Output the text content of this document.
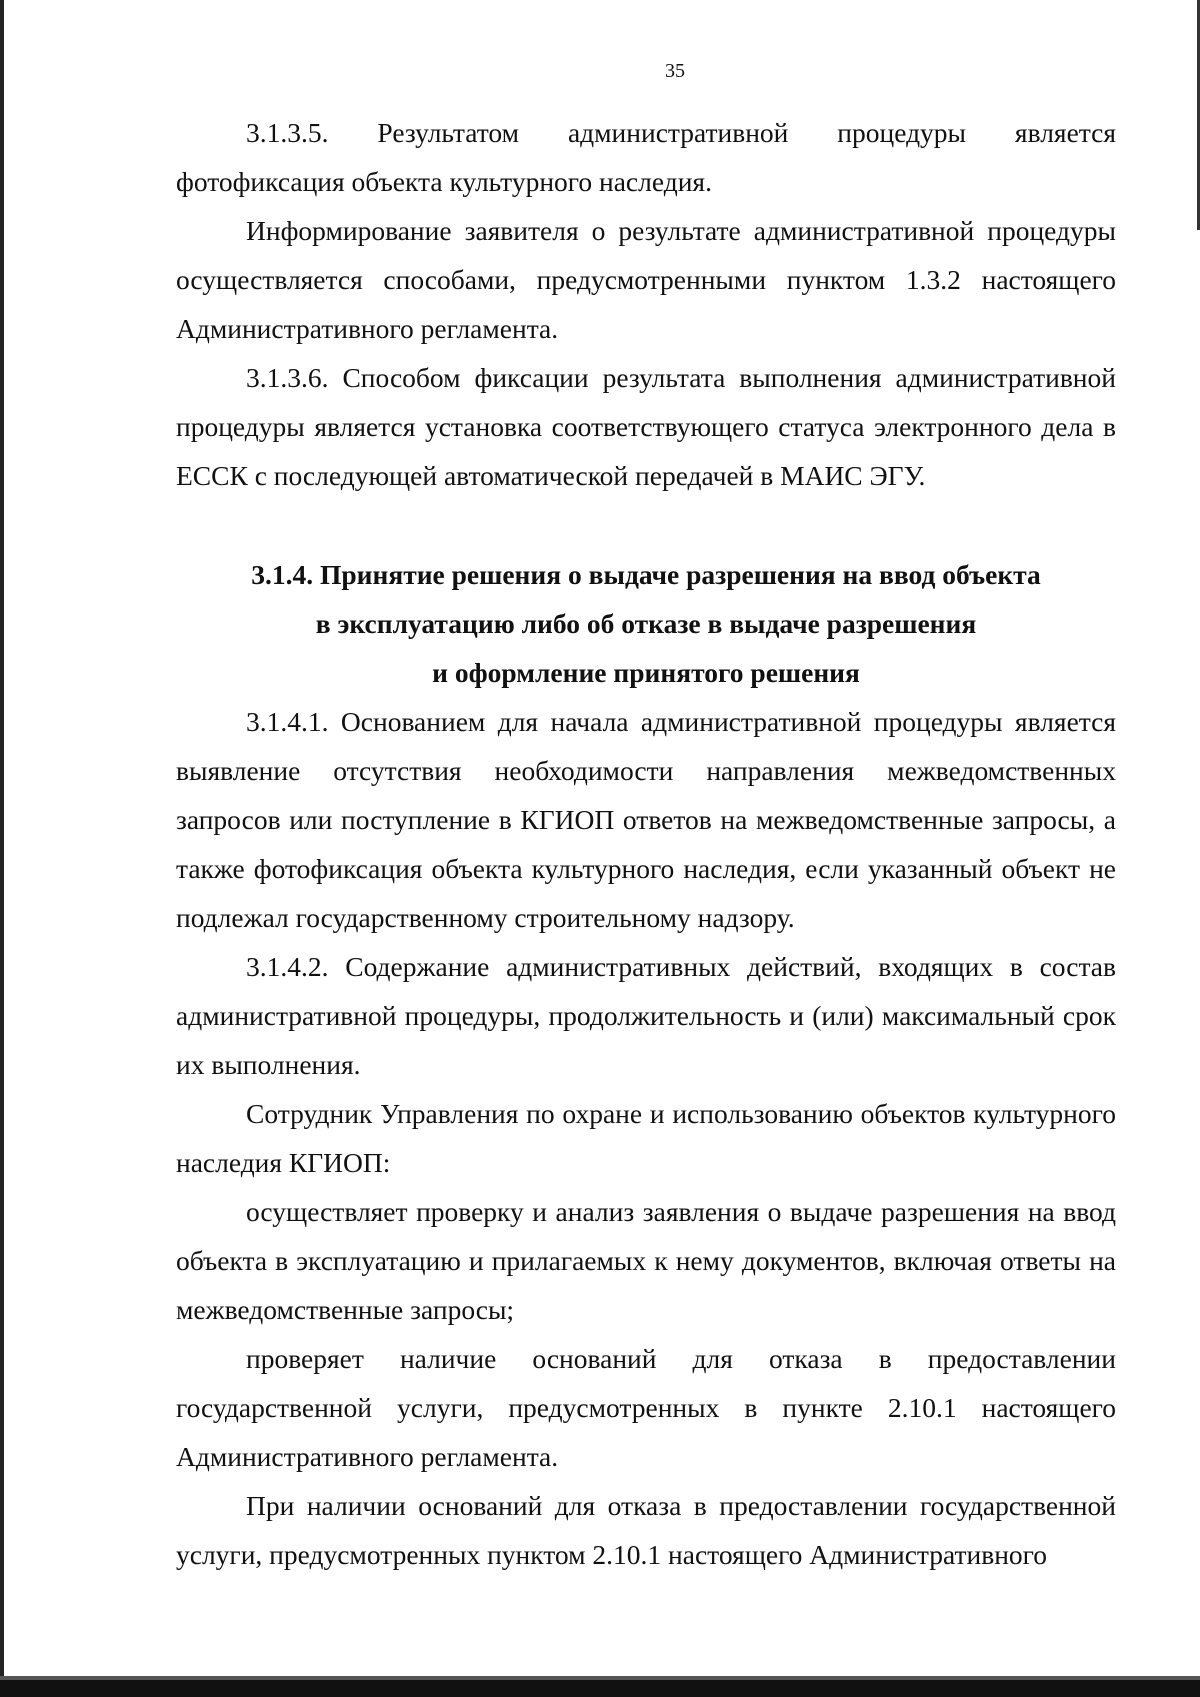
35

3.1.3.5. Результатом административной процедуры является фотофиксация объекта культурного наследия.

Информирование заявителя о результате административной процедуры осуществляется способами, предусмотренными пунктом 1.3.2 настоящего Административного регламента.

3.1.3.6. Способом фиксации результата выполнения административной процедуры является установка соответствующего статуса электронного дела в ЕССК с последующей автоматической передачей в МАИС ЭГУ.

3.1.4. Принятие решения о выдаче разрешения на ввод объекта
в эксплуатацию либо об отказе в выдаче разрешения
и оформление принятого решения

3.1.4.1. Основанием для начала административной процедуры является выявление отсутствия необходимости направления межведомственных запросов или поступление в КГИОП ответов на межведомственные запросы, а также фотофиксация объекта культурного наследия, если указанный объект не подлежал государственному строительному надзору.

3.1.4.2. Содержание административных действий, входящих в состав административной процедуры, продолжительность и (или) максимальный срок их выполнения.

Сотрудник Управления по охране и использованию объектов культурного наследия КГИОП:

осуществляет проверку и анализ заявления о выдаче разрешения на ввод объекта в эксплуатацию и прилагаемых к нему документов, включая ответы на межведомственные запросы;

проверяет наличие оснований для отказа в предоставлении государственной услуги, предусмотренных в пункте 2.10.1 настоящего Административного регламента.

При наличии оснований для отказа в предоставлении государственной услуги, предусмотренных пунктом 2.10.1 настоящего Административного
